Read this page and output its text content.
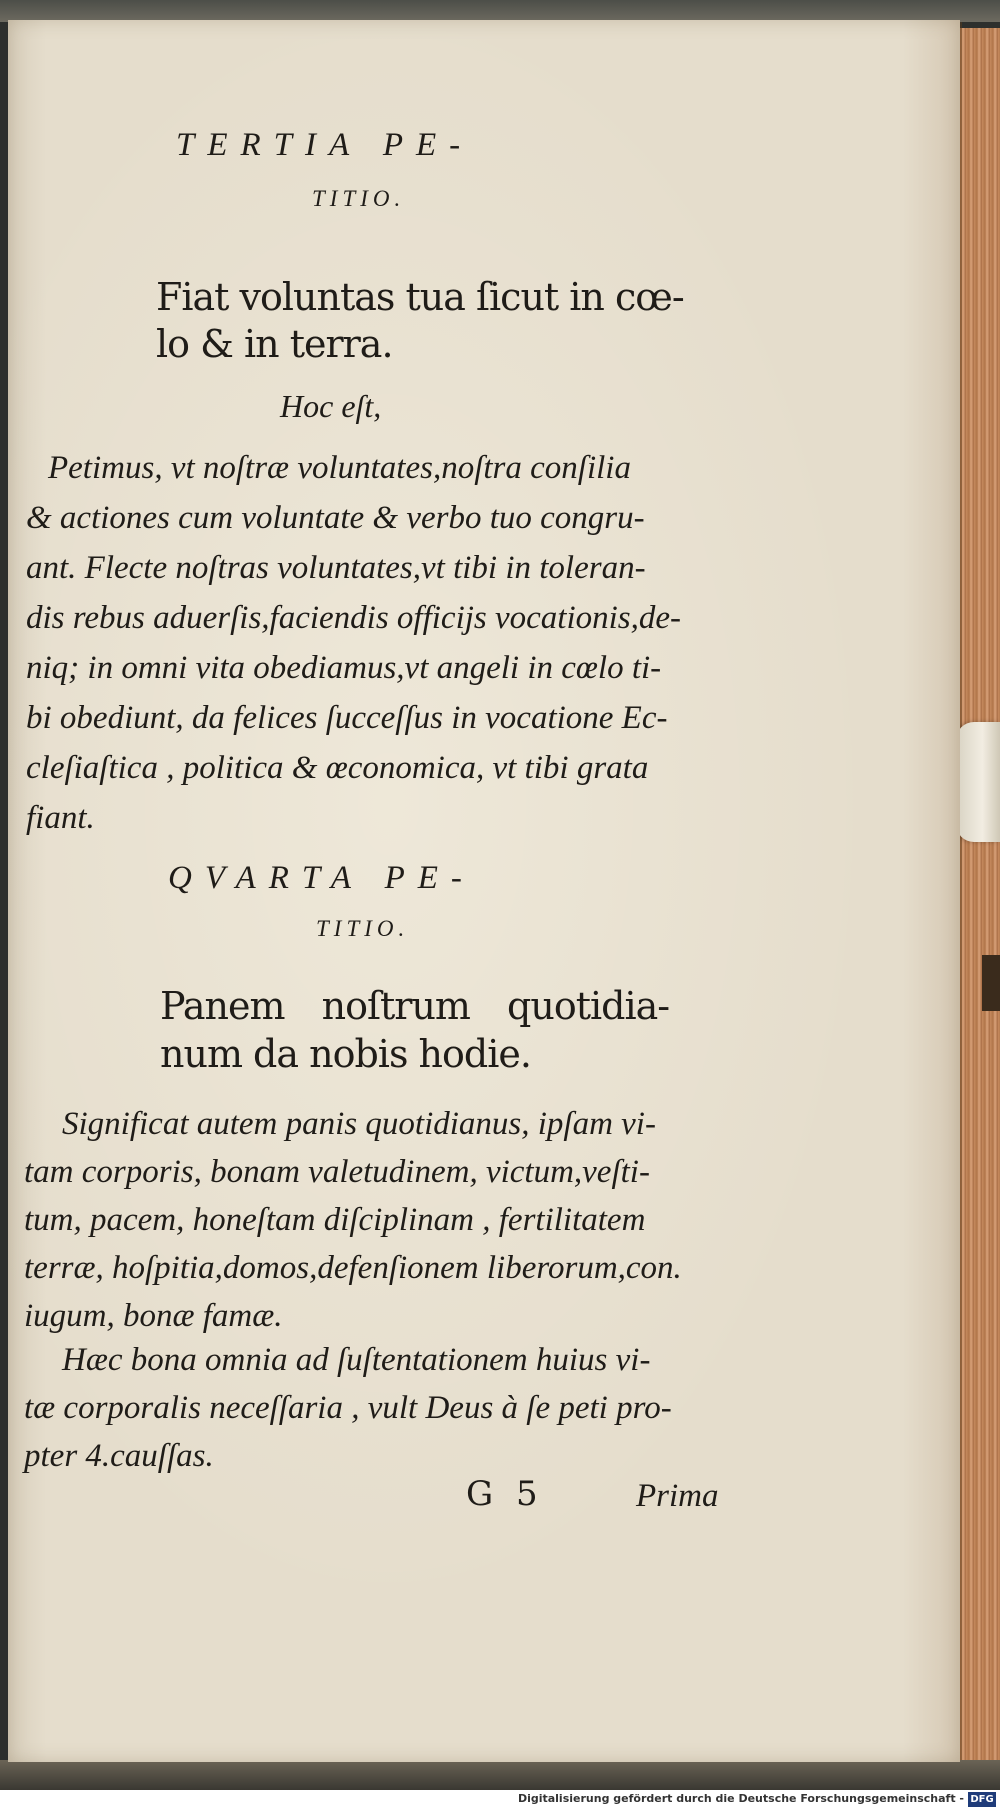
TERTIA PE-
TITIO.
Fiat voluntas tua ſicut in cœ-
lo & in terra.
Hoc eſt,
Petimus, vt noſtræ voluntates,noſtra conſilia
& actiones cum voluntate & verbo tuo congru-
ant. Flecte noſtras voluntates,vt tibi in toleran-
dis rebus aduerſis,faciendis officijs vocationis,de-
niq; in omni vita obediamus,vt angeli in cœlo ti-
bi obediunt, da felices ſucceſſus in vocatione Ec-
cleſiaſtica , politica & œconomica, vt tibi grata
fiant.
QVARTA PE-
TITIO.
Panem noſtrum quotidia-
num da nobis hodie.
Significat autem panis quotidianus, ipſam vi-
tam corporis, bonam valetudinem, victum,veſti-
tum, pacem, honeſtam diſciplinam , fertilitatem
terræ, hoſpitia,domos,defenſionem liberorum,con.
iugum, bonæ famæ.
Hæc bona omnia ad ſuſtentationem huius vi-
tæ corporalis neceſſaria , vult Deus à ſe peti pro-
pter 4.cauſſas.
G 5	Prima
Digitalisierung gefördert durch die Deutsche Forschungsgemeinschaft - DFG
